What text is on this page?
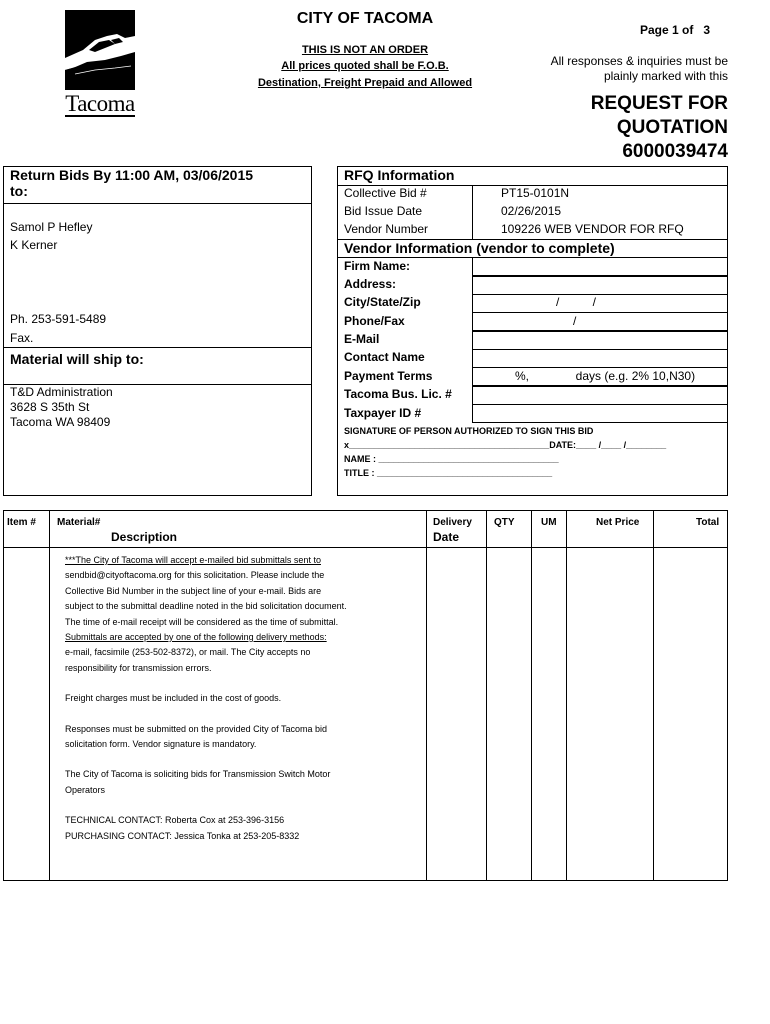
Tacoma
CITY OF TACOMA
THIS IS NOT AN ORDER
All prices quoted shall be F.O.B.
Destination, Freight Prepaid and Allowed
Page 1 of 3
All responses & inquiries must be
plainly marked with this
REQUEST FOR
QUOTATION
6000039474
Return Bids By 11:00 AM, 03/06/2015
to:
Samol P Hefley
K Kerner
Ph. 253-591-5489
Fax.
Material will ship to:
T&D Administration
3628 S 35th St
Tacoma WA 98409
RFQ Information
Collective Bid #	PT15-0101N
Bid Issue Date	02/26/2015
Vendor Number	109226 WEB VENDOR FOR RFQ
Vendor Information (vendor to complete)
Firm Name:
Address:
City/State/Zip	/          /
Phone/Fax	/
E-Mail
Contact Name
Payment Terms	%,              days (e.g. 2% 10,N30)
Tacoma Bus. Lic. #
Taxpayer ID #
SIGNATURE OF PERSON AUTHORIZED TO SIGN THIS BID
x________________________________________DATE:____ /____ /________
NAME : ____________________________________
TITLE : ___________________________________
Item # Material#
Description
Delivery
Date
QTY	UM	Net Price	Total

***The City of Tacoma will accept e-mailed bid submittals sent to

sendbid@cityoftacoma.org for this solicitation. Please include the

Collective Bid Number in the subject line of your e-mail. Bids are

subject to the submittal deadline noted in the bid solicitation document.

The time of e-mail receipt will be considered as the time of submittal.

Submittals are accepted by one of the following delivery methods:

e-mail, facsimile (253-502-8372), or mail. The City accepts no

responsibility for transmission errors.

Freight charges must be included in the cost of goods.

Responses must be submitted on the provided City of Tacoma bid

solicitation form. Vendor signature is mandatory.

The City of Tacoma is soliciting bids for Transmission Switch Motor

Operators

TECHNICAL CONTACT: Roberta Cox at 253-396-3156

PURCHASING CONTACT: Jessica Tonka at 253-205-8332
